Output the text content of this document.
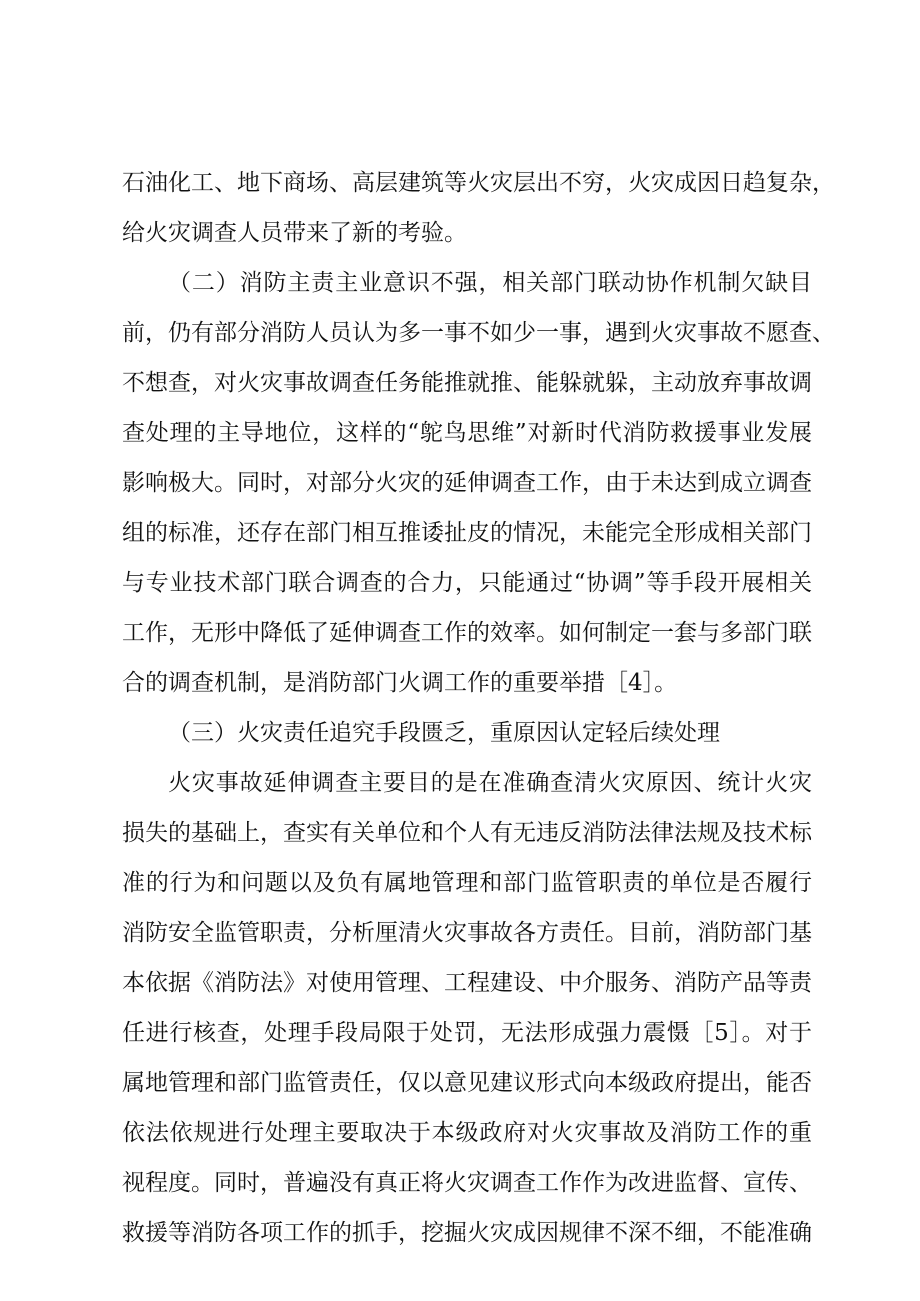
石油化工、地下商场、高层建筑等火灾层出不穷，火灾成因日趋复杂，
给火灾调查人员带来了新的考验。
（二）消防主责主业意识不强，相关部门联动协作机制欠缺目
前，仍有部分消防人员认为多一事不如少一事，遇到火灾事故不愿查、
不想查，对火灾事故调查任务能推就推、能躲就躲，主动放弃事故调
查处理的主导地位，这样的“鸵鸟思维”对新时代消防救援事业发展
影响极大。同时，对部分火灾的延伸调查工作，由于未达到成立调查
组的标准，还存在部门相互推诿扯皮的情况，未能完全形成相关部门
与专业技术部门联合调查的合力，只能通过“协调”等手段开展相关
工作，无形中降低了延伸调查工作的效率。如何制定一套与多部门联
合的调查机制，是消防部门火调工作的重要举措［4］。
（三）火灾责任追究手段匮乏，重原因认定轻后续处理
火灾事故延伸调查主要目的是在准确查清火灾原因、统计火灾
损失的基础上，查实有关单位和个人有无违反消防法律法规及技术标
准的行为和问题以及负有属地管理和部门监管职责的单位是否履行
消防安全监管职责，分析厘清火灾事故各方责任。目前，消防部门基
本依据《消防法》对使用管理、工程建设、中介服务、消防产品等责
任进行核查，处理手段局限于处罚，无法形成强力震慑［5］。对于
属地管理和部门监管责任，仅以意见建议形式向本级政府提出，能否
依法依规进行处理主要取决于本级政府对火灾事故及消防工作的重
视程度。同时，普遍没有真正将火灾调查工作作为改进监督、宣传、
救援等消防各项工作的抓手，挖掘火灾成因规律不深不细，不能准确
